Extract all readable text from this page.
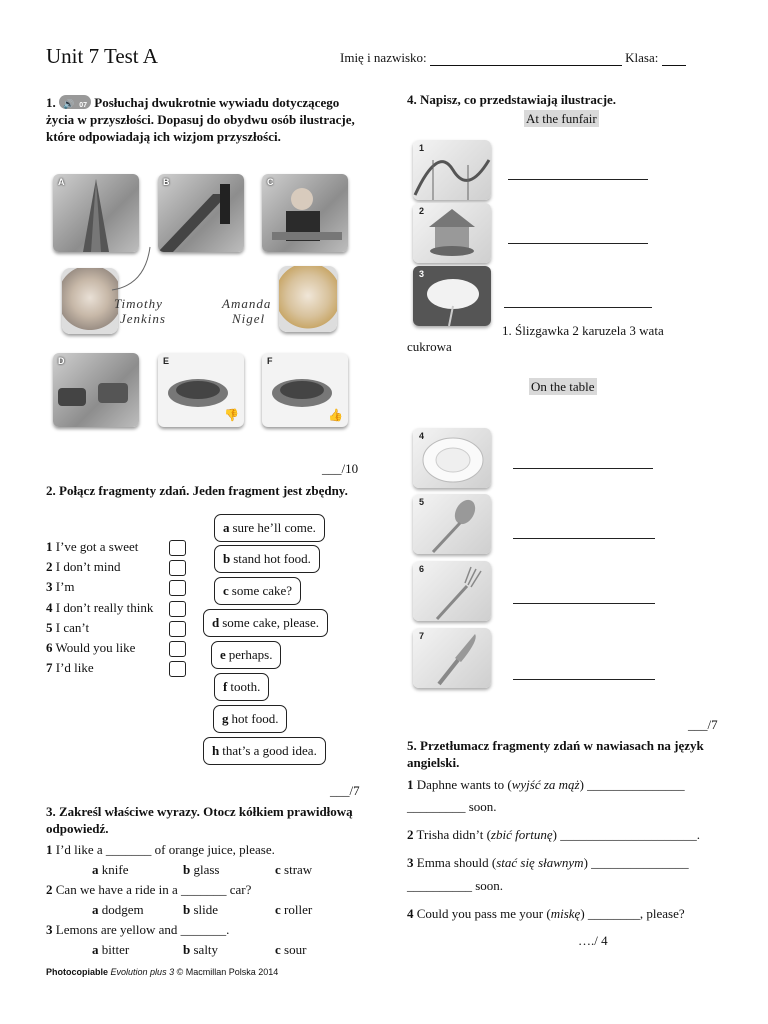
Unit 7 Test A	Imię i nazwisko:	Klasa:
1. 🔊 07 Posłuchaj dwukrotnie wywiadu dotyczącego życia w przyszłości. Dopasuj do obydwu osób ilustracje, które odpowiadają ich wizjom przyszłości.
A	B	C
Timothy
Jenkins
Amanda
Nigel
D	E
👎
F
👍
___/10
2. Połącz fragmenty zdań. Jeden fragment jest zbędny.
1 I’ve got a sweet
2 I don’t mind
3 I’m
4 I don’t really think
5 I can’t
6 Would you like
7 I’d like
a sure he’ll come.
b stand hot food.
c some cake?
d some cake, please.
e perhaps.
f tooth.
g hot food.
h that’s a good idea.
___/7
3. Zakreśl właściwe wyrazy. Otocz kółkiem prawidłową odpowiedź.
1 I’d like a _______ of orange juice, please.
a knife	b glass	c straw
2 Can we have a ride in a _______ car?
a dodgem	b slide	c roller
3 Lemons are yellow and _______.
a bitter	b salty	c sour
4. Napisz, co przedstawiają ilustracje.
At the funfair
1
2
3
1. Ślizgawka 2 karuzela 3 wata
cukrowa
On the table
4
5
6
7
___/7
5. Przetłumacz fragmenty zdań w nawiasach na język angielski.
1 Daphne wants to (wyjść za mąż) _______________
_________ soon.
2 Trisha didn’t (zbić fortunę) _____________________.
3 Emma should (stać się sławnym) _______________
__________ soon.
4 Could you pass me your (miskę) ________, please?
…./ 4
Photocopiable Evolution plus 3 © Macmillan Polska 2014
